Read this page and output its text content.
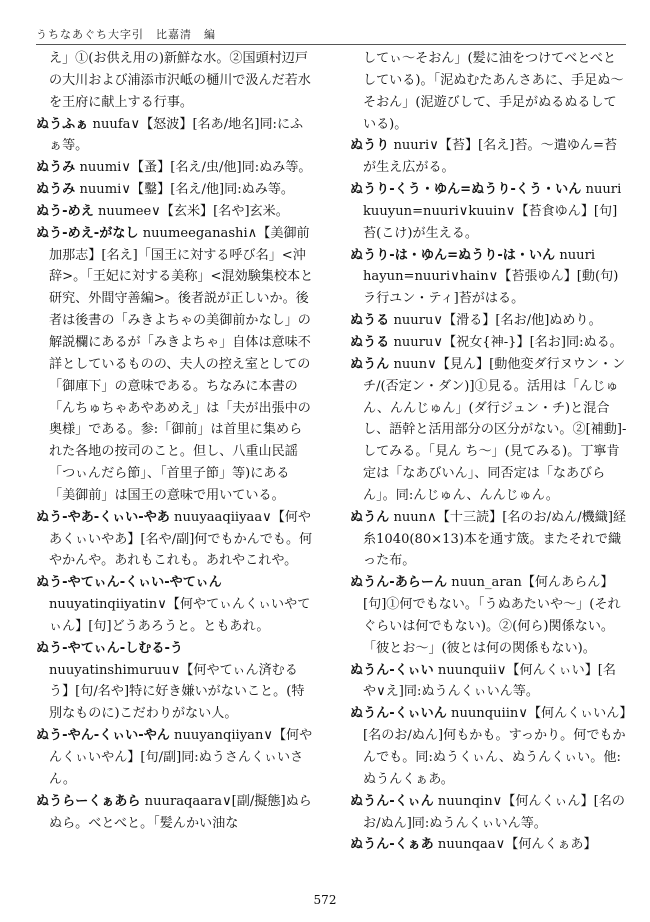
うちなあぐち大字引　比嘉清　編

え」①(お供え用の)新鮮な水。②国頭村辺戸の大川および浦添市沢岻の樋川で汲んだ若水を王府に献上する行事。

ぬうふぁ nuufa∨【怒波】[名あ/地名]同:にふぁ等。

ぬうみ nuumi∨【蚤】[名え/虫/他]同:ぬみ等。

ぬうみ nuumi∨【鑿】[名え/他]同:ぬみ等。

ぬう-めえ nuumee∨【玄米】[名や]玄米。

ぬう-めえ-がなし nuumeeganashi∧【美御前加那志】[名え]「国王に対する呼び名」<沖辞>。「王妃に対する美称」<混効験集校本と研究、外間守善編>。後者説が正しいか。後者は後書の「みきよちゃの美御前かなし」の解説欄にあるが「みきよちゃ」自体は意味不詳としているものの、夫人の控え室としての「御庫下」の意味である。ちなみに本書の「んちゅちゃあやあめえ」は「夫が出張中の奥様」である。参:「御前」は首里に集められた各地の按司のこと。但し、八重山民謡「つぃんだら節」、「首里子節」等)にある「美御前」は国王の意味で用いている。

ぬう-やあ-くぃい-やあ nuuyaaqiiyaa∨【何やあくぃいやあ】[名や/副]何でもかんでも。何やかんや。あれもこれも。あれやこれや。

ぬう-やてぃん-くぃい-やてぃん nuuyatinqiiyatin∨【何やてぃんくぃいやてぃん】[句]どうあろうと。ともあれ。

ぬう-やてぃん-しむる-う nuuyatinshimuruu∨【何やてぃん済むるう】[句/名や]特に好き嫌いがないこと。(特別なものに)こだわりがない人。

ぬう-やん-くぃい-やん nuuyanqiiyan∨【何やんくぃいやん】[句/副]同:ぬうさんくぃいさん。

ぬうらーくぁあら nuuraqaara∨[副/擬態]ぬらぬら。べとべと。「髪んかい油な

してぃ〜そおん」(髪に油をつけてべとべとしている)。「泥ぬむたあんさあに、手足ぬ〜そおん」(泥遊びして、手足がぬるぬるしている)。

ぬうり nuuri∨【苔】[名え]苔。〜遣ゆん=苔が生え広がる。

ぬうり-くう・ゆん=ぬうり-くう・いん nuuri kuuyun=nuuri∨kuuin∨【苔食ゆん】[句]苔(こけ)が生える。

ぬうり-は・ゆん=ぬうり-は・いん nuuri hayun=nuuri∨hain∨【苔張ゆん】[動(句)ラ行ユン・ティ]苔がはる。

ぬうる nuuru∨【滑る】[名お/他]ぬめり。

ぬうる nuuru∨【祝女{神-}】[名お]同:ぬる。

ぬうん nuun∨【見ん】[動他変ダ行ヌウン・ンチ/(否定ン・ダン)]①見る。活用は「んじゅん、んんじゅん」(ダ行ジュン・チ)と混合し、語幹と活用部分の区分がない。②[補動]-してみる。「見ん ち〜」(見てみる)。丁寧肯定は「なあびいん」、同否定は「なあびらん」。同:んじゅん、んんじゅん。

ぬうん nuun∧【十三読】[名のお/ぬん/機織]経糸1040(80×13)本を通す筬。またそれで織った布。

ぬうん-あらーん nuun_aran【何んあらん】[句]①何でもない。「うぬあたいや〜」(それぐらいは何でもない)。②(何ら)関係ない。「彼とお〜」(彼とは何の関係もない)。

ぬうん-くぃい nuunquii∨【何んくぃい】[名や∨え]同:ぬうんくぃいん等。

ぬうん-くぃいん nuunquiin∨【何んくぃいん】[名のお/ぬん]何もかも。すっかり。何でもかんでも。同:ぬうくぃん、ぬうんくぃい。他:ぬうんくぁあ。

ぬうん-くぃん nuunqin∨【何んくぃん】[名のお/ぬん]同:ぬうんくぃいん等。

ぬうん-くぁあ nuunqaa∨【何んくぁあ】

572
